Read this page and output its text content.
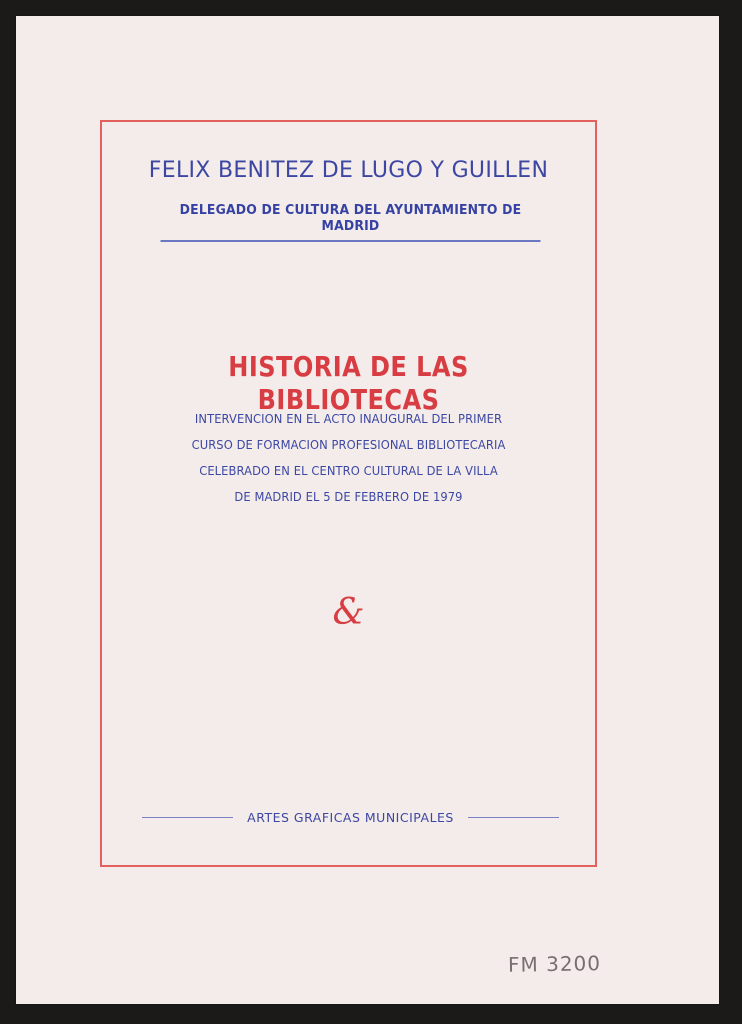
FELIX BENITEZ DE LUGO Y GUILLEN
DELEGADO DE CULTURA DEL AYUNTAMIENTO DE MADRID
HISTORIA DE LAS BIBLIOTECAS
INTERVENCION EN EL ACTO INAUGURAL DEL PRIMER
CURSO DE FORMACION PROFESIONAL BIBLIOTECARIA
CELEBRADO EN EL CENTRO CULTURAL DE LA VILLA
DE MADRID EL 5 DE FEBRERO DE 1979
&
ARTES GRAFICAS MUNICIPALES
FM 3200
